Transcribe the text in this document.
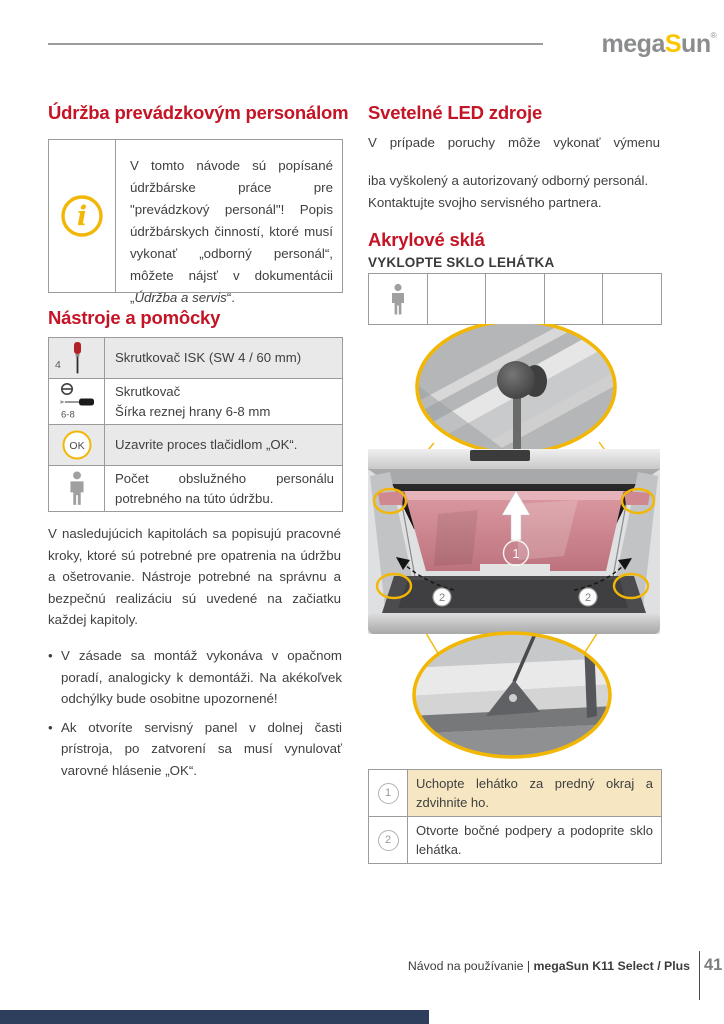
megaSun®
Údržba prevádzkovým personálom
i
V tomto návode sú popísané údržbárske práce pre "prevádzkový personál"! Popis údržbárskych činností, ktoré musí vykonať „odborný personál“, môžete nájsť v dokumentácii „Údržba a servis“.
Nástroje a pomôcky
4	Skrutkovač ISK (SW 4 / 60 mm)
6-8
Skrutkovač
Šírka reznej hrany 6-8 mm
OK Uzavrite proces tlačidlom „OK“.
Počet obslužného personálu potrebného na túto údržbu.
V nasledujúcich kapitolách sa popisujú pracovné kroky, ktoré sú potrebné pre opatrenia na údržbu a ošetrovanie. Nástroje potrebné na správnu a bezpečnú realizáciu sú uvedené na začiatku každej kapitoly.
• V zásade sa montáž vykonáva v opačnom poradí, analogicky k demontáži. Na akékoľvek odchýlky bude osobitne upozornené!
• Ak otvoríte servisný panel v dolnej časti prístroja, po zatvorení sa musí vynulovať varovné hlásenie „OK“.
Svetelné LED zdroje
V prípade poruchy môže vykonať výmenu
iba vyškolený a autorizovaný odborný personál.
Kontaktujte svojho servisného partnera.
Akrylové sklá
VYKLOPTE SKLO LEHÁTKA
1
2	2
1
Uchopte lehátko za predný okraj a zdvihnite ho.
2
Otvorte bočné podpery a podoprite sklo lehátka.
Návod na používanie | megaSun K11 Select / Plus 41
